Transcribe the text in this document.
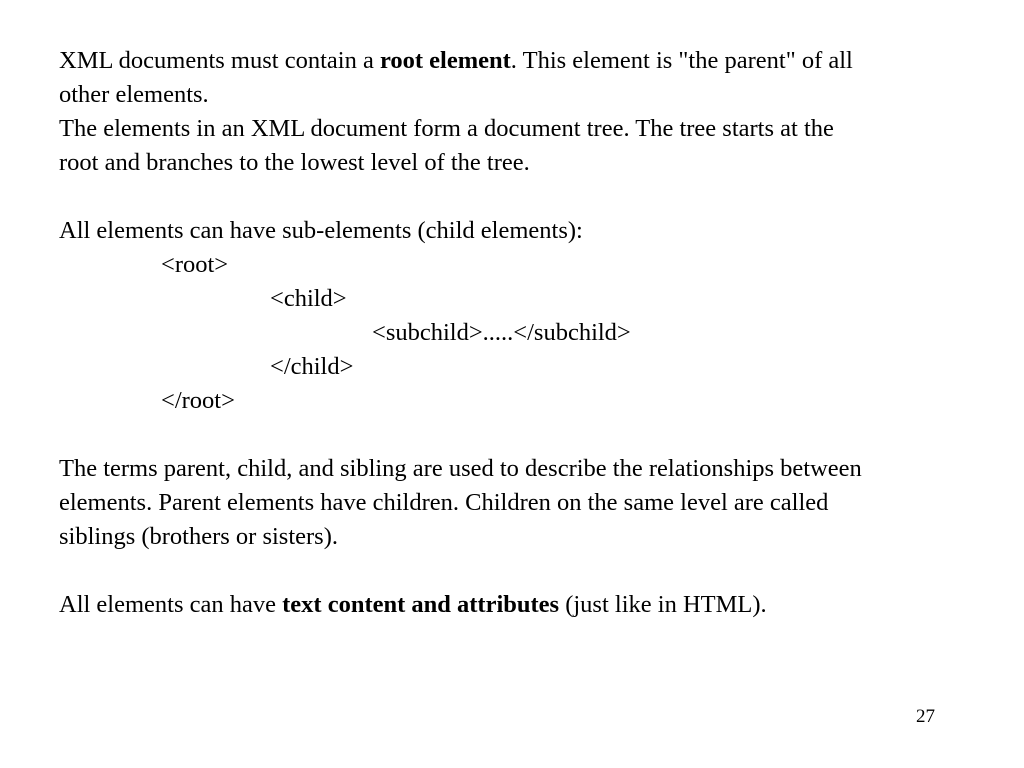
XML documents must contain a root element. This element is "the parent" of all
other elements.
The elements in an XML document form a document tree. The tree starts at the
root and branches to the lowest level of the tree.
All elements can have sub-elements (child elements):
<root>
<child>
<subchild>.....</subchild>
</child>
</root>
The terms parent, child, and sibling are used to describe the relationships between
elements. Parent elements have children. Children on the same level are called
siblings (brothers or sisters).
All elements can have text content and attributes (just like in HTML).
27
